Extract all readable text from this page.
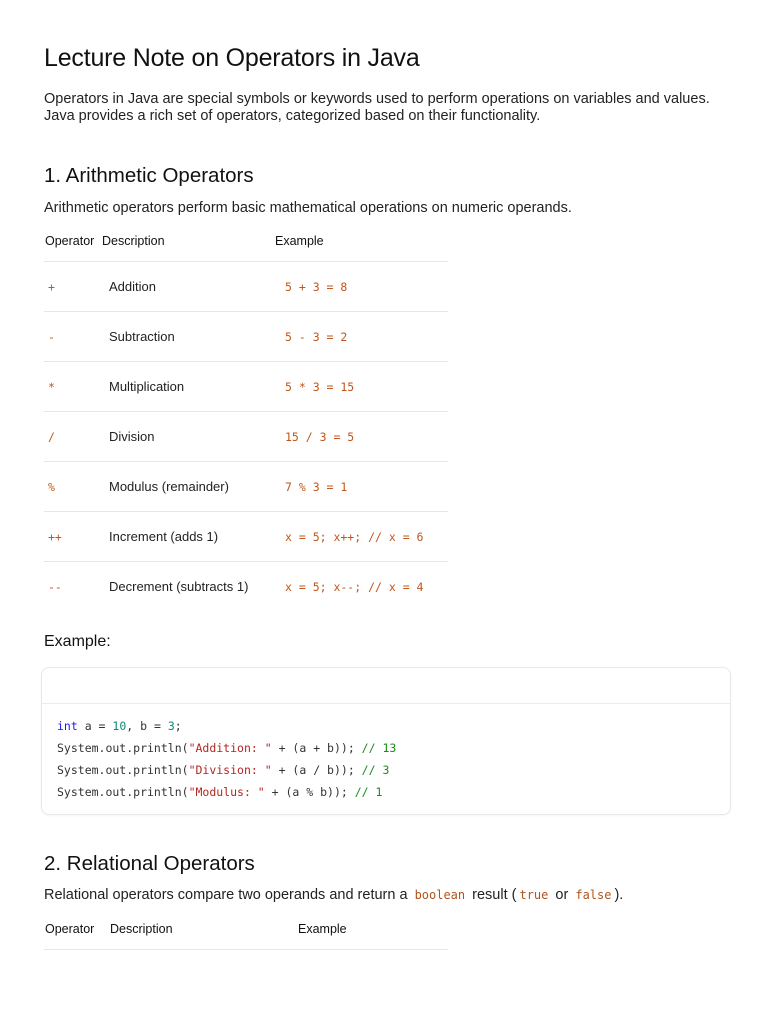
Lecture Note on Operators in Java

Operators in Java are special symbols or keywords used to perform operations on variables and values. Java provides a rich set of operators, categorized based on their functionality.

1. Arithmetic Operators

Arithmetic operators perform basic mathematical operations on numeric operands.

Operator	Description	Example
+	Addition	5 + 3 = 8
-	Subtraction	5 - 3 = 2
*	Multiplication	5 * 3 = 15
/	Division	15 / 3 = 5
%	Modulus (remainder)	7 % 3 = 1
++	Increment (adds 1)	x = 5; x++; // x = 6
--	Decrement (subtracts 1)	x = 5; x--; // x = 4
Example:
int a = 10, b = 3;
System.out.println("Addition: " + (a + b)); // 13
System.out.println("Division: " + (a / b)); // 3
System.out.println("Modulus: " + (a % b)); // 1
2. Relational Operators

Relational operators compare two operands and return a boolean result ( true or false ).

Operator	Description	Example
